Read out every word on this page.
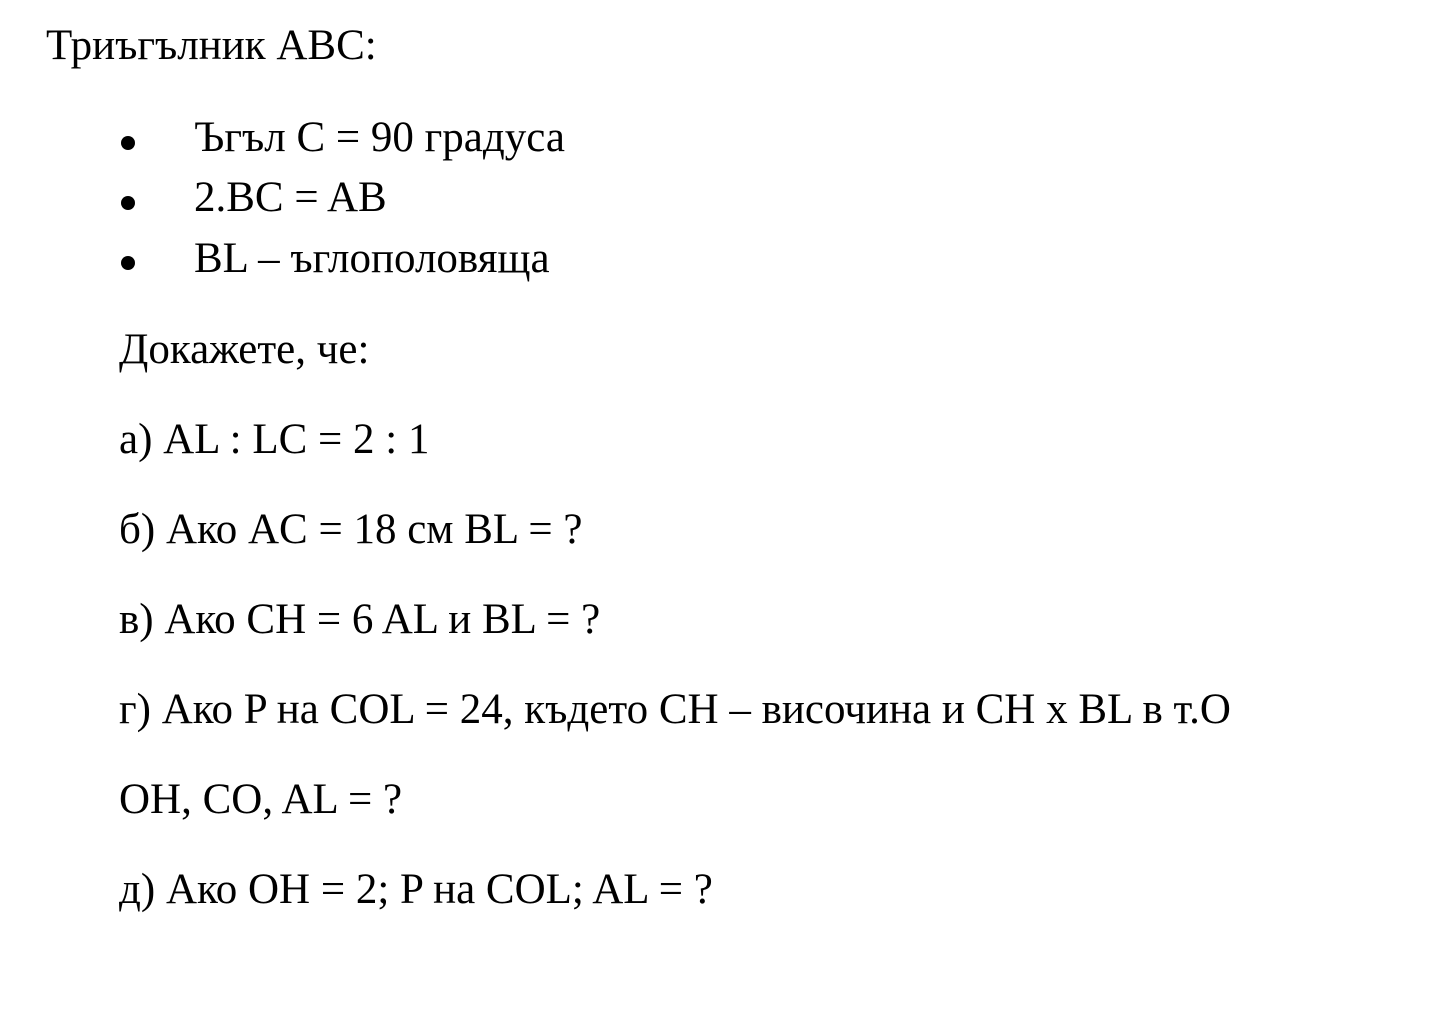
Триъгълник ABC:
Ъгъл C = 90 градуса
2.BC = AB
BL – ъглополовяща
Докажете, че:
а) AL : LC = 2 : 1
б) Ако AC = 18 см BL = ?
в) Ако CH = 6 AL и BL = ?
г) Ако P на COL = 24, където CH – височина и CH x BL в т.О
OH, CO, AL = ?
д) Ако OH = 2; P на COL; AL = ?
